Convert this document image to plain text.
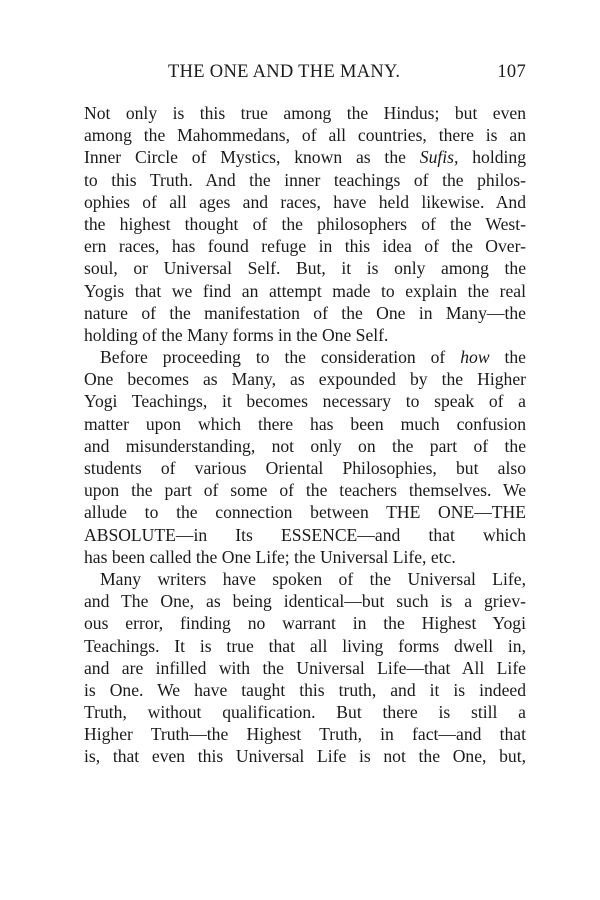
THE ONE AND THE MANY.	107
Not only is this true among the Hindus; but even
among the Mahommedans, of all countries, there is an
Inner Circle of Mystics, known as the Sufis, holding
to this Truth. And the inner teachings of the philos-
ophies of all ages and races, have held likewise. And
the highest thought of the philosophers of the West-
ern races, has found refuge in this idea of the Over-
soul, or Universal Self. But, it is only among the
Yogis that we find an attempt made to explain the real
nature of the manifestation of the One in Many—the
holding of the Many forms in the One Self.
Before proceeding to the consideration of how the
One becomes as Many, as expounded by the Higher
Yogi Teachings, it becomes necessary to speak of a
matter upon which there has been much confusion
and misunderstanding, not only on the part of the
students of various Oriental Philosophies, but also
upon the part of some of the teachers themselves. We
allude to the connection between THE ONE—THE
ABSOLUTE—in Its ESSENCE—and that which
has been called the One Life; the Universal Life, etc.
Many writers have spoken of the Universal Life,
and The One, as being identical—but such is a griev-
ous error, finding no warrant in the Highest Yogi
Teachings. It is true that all living forms dwell in,
and are infilled with the Universal Life—that All Life
is One. We have taught this truth, and it is indeed
Truth, without qualification. But there is still a
Higher Truth—the Highest Truth, in fact—and that
is, that even this Universal Life is not the One, but,
